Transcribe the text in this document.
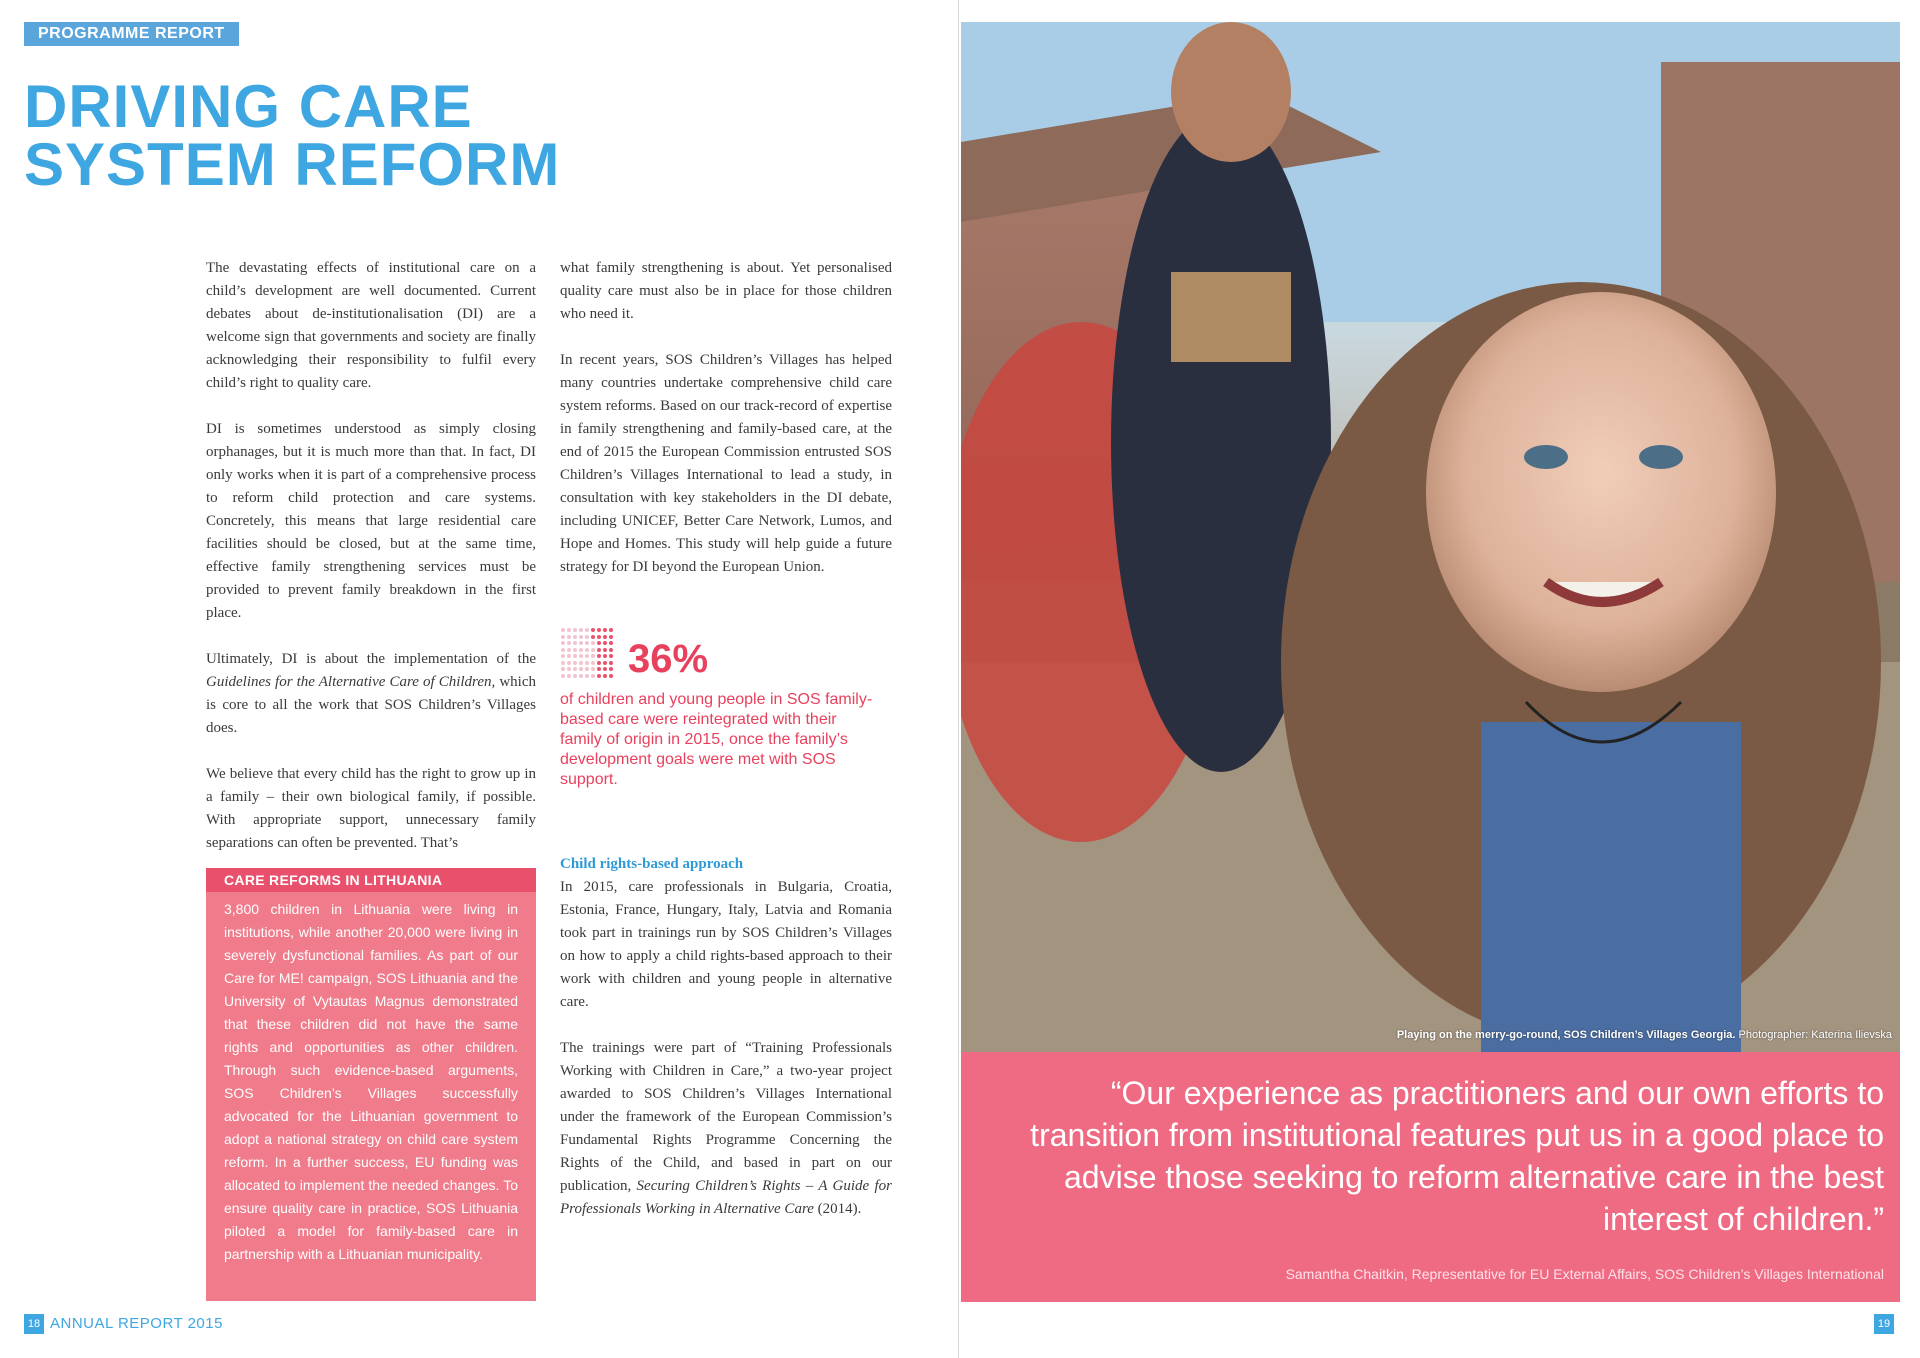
PROGRAMME REPORT
DRIVING CARE
SYSTEM REFORM

The devastating effects of institutional care on a child’s development are well documented. Current debates about de-institutionalisation (DI) are a welcome sign that governments and society are finally acknowledging their responsibility to fulfil every child’s right to quality care.

DI is sometimes understood as simply closing orphanages, but it is much more than that. In fact, DI only works when it is part of a comprehensive process to reform child protection and care systems. Concretely, this means that large residential care facilities should be closed, but at the same time, effective family strengthening services must be provided to prevent family breakdown in the first place.

Ultimately, DI is about the implementation of the Guidelines for the Alternative Care of Children, which is core to all the work that SOS Children’s Villages does.

We believe that every child has the right to grow up in a family – their own biological family, if possible. With appropriate support, unnecessary family separations can often be prevented. That’s

what family strengthening is about. Yet personalised quality care must also be in place for those children who need it.

In recent years, SOS Children’s Villages has helped many countries undertake comprehensive child care system reforms. Based on our track-record of expertise in family strengthening and family-based care, at the end of 2015 the European Commission entrusted SOS Children’s Villages International to lead a study, in consultation with key stakeholders in the DI debate, including UNICEF, Better Care Network, Lumos, and Hope and Homes. This study will help guide a future strategy for DI beyond the European Union.

36%
of children and young people in SOS family-based care were reintegrated with their family of origin in 2015, once the family’s development goals were met with SOS support.
Child rights-based approach

In 2015, care professionals in Bulgaria, Croatia, Estonia, France, Hungary, Italy, Latvia and Romania took part in trainings run by SOS Children’s Villages on how to apply a child rights-based approach to their work with children and young people in alternative care.

The trainings were part of “Training Professionals Working with Children in Care,” a two-year project awarded to SOS Children’s Villages International under the framework of the European Commission’s Fundamental Rights Programme Concerning the Rights of the Child, and based in part on our publication, Securing Children’s Rights – A Guide for Professionals Working in Alternative Care (2014).

CARE REFORMS IN LITHUANIA
3,800 children in Lithuania were living in institutions, while another 20,000 were living in severely dysfunctional families. As part of our Care for ME! campaign, SOS Lithuania and the University of Vytautas Magnus demonstrated that these children did not have the same rights and opportunities as other children. Through such evidence-based arguments, SOS Children’s Villages successfully advocated for the Lithuanian government to adopt a national strategy on child care system reform. In a further success, EU funding was allocated to implement the needed changes. To ensure quality care in practice, SOS Lithuania piloted a model for family-based care in partnership with a Lithuanian municipality.
18 ANNUAL REPORT 2015
Playing on the merry-go-round, SOS Children’s Villages Georgia. Photographer: Katerina Ilievska
“Our experience as practitioners and our own efforts to transition from institutional features put us in a good place to advise those seeking to reform alternative care in the best interest of children.”
Samantha Chaitkin, Representative for EU External Affairs, SOS Children’s Villages International
19
